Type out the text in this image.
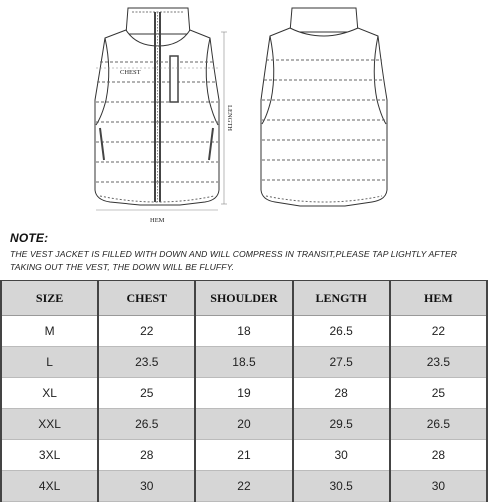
CHEST
LENGTH
HEM
NOTE:
THE VEST JACKET IS FILLED WITH DOWN AND WILL COMPRESS IN TRANSIT,PLEASE TAP LIGHTLY AFTER TAKING OUT THE VEST, THE DOWN WILL BE FLUFFY.
SIZE	CHEST	SHOULDER	LENGTH	HEM
M	22	18	26.5	22
L	23.5	18.5	27.5	23.5
XL	25	19	28	25
XXL	26.5	20	29.5	26.5
3XL	28	21	30	28
4XL	30	22	30.5	30
